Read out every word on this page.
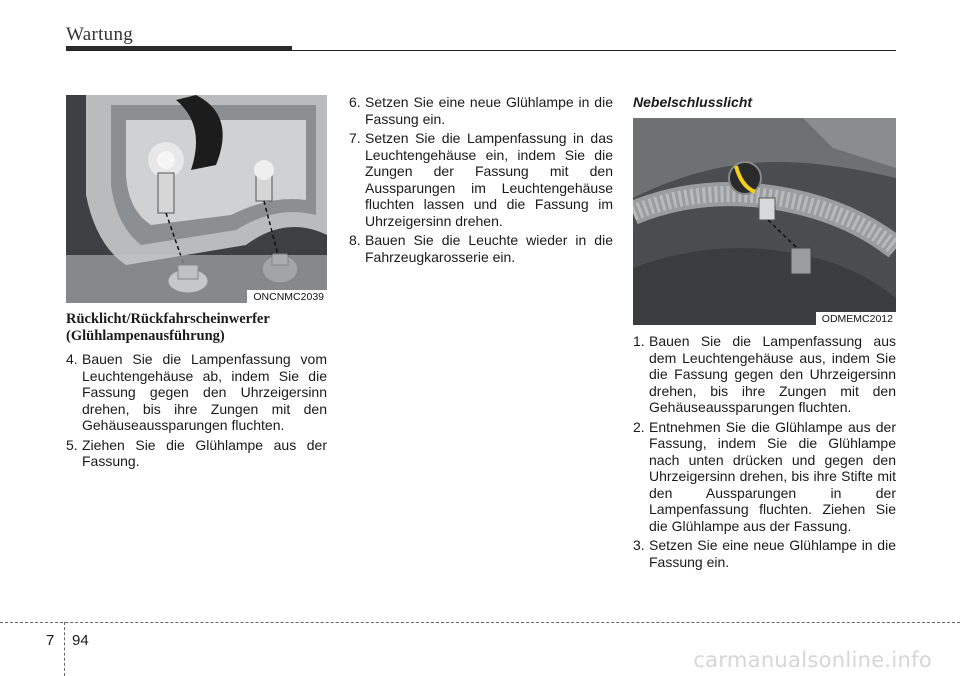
Wartung
ONCNMC2039
Rücklicht/Rückfahrscheinwerfer
(Glühlampenausführung)
4. Bauen Sie die Lampenfassung vom Leuchtengehäuse ab, indem Sie die Fassung gegen den Uhrzeigersinn drehen, bis ihre Zungen mit den Gehäuseaussparungen fluchten.
5. Ziehen Sie die Glühlampe aus der Fassung.
6. Setzen Sie eine neue Glühlampe in die Fassung ein.
7. Setzen Sie die Lampenfassung in das Leuchtengehäuse ein, indem Sie die Zungen der Fassung mit den Aussparungen im Leuchtengehäuse fluchten lassen und die Fassung im Uhrzeigersinn drehen.
8. Bauen Sie die Leuchte wieder in die Fahrzeugkarosserie ein.
Nebelschlusslicht
ODMEMC2012
1. Bauen Sie die Lampenfassung aus dem Leuchtengehäuse aus, indem Sie die Fassung gegen den Uhrzeigersinn drehen, bis ihre Zungen mit den Gehäuseaussparungen fluchten.
2. Entnehmen Sie die Glühlampe aus der Fassung, indem Sie die Glühlampe nach unten drücken und gegen den Uhrzeigersinn drehen, bis ihre Stifte mit den Aussparungen in der Lampenfassung fluchten. Ziehen Sie die Glühlampe aus der Fassung.
3. Setzen Sie eine neue Glühlampe in die Fassung ein.
7 94
carmanualsonline.info
